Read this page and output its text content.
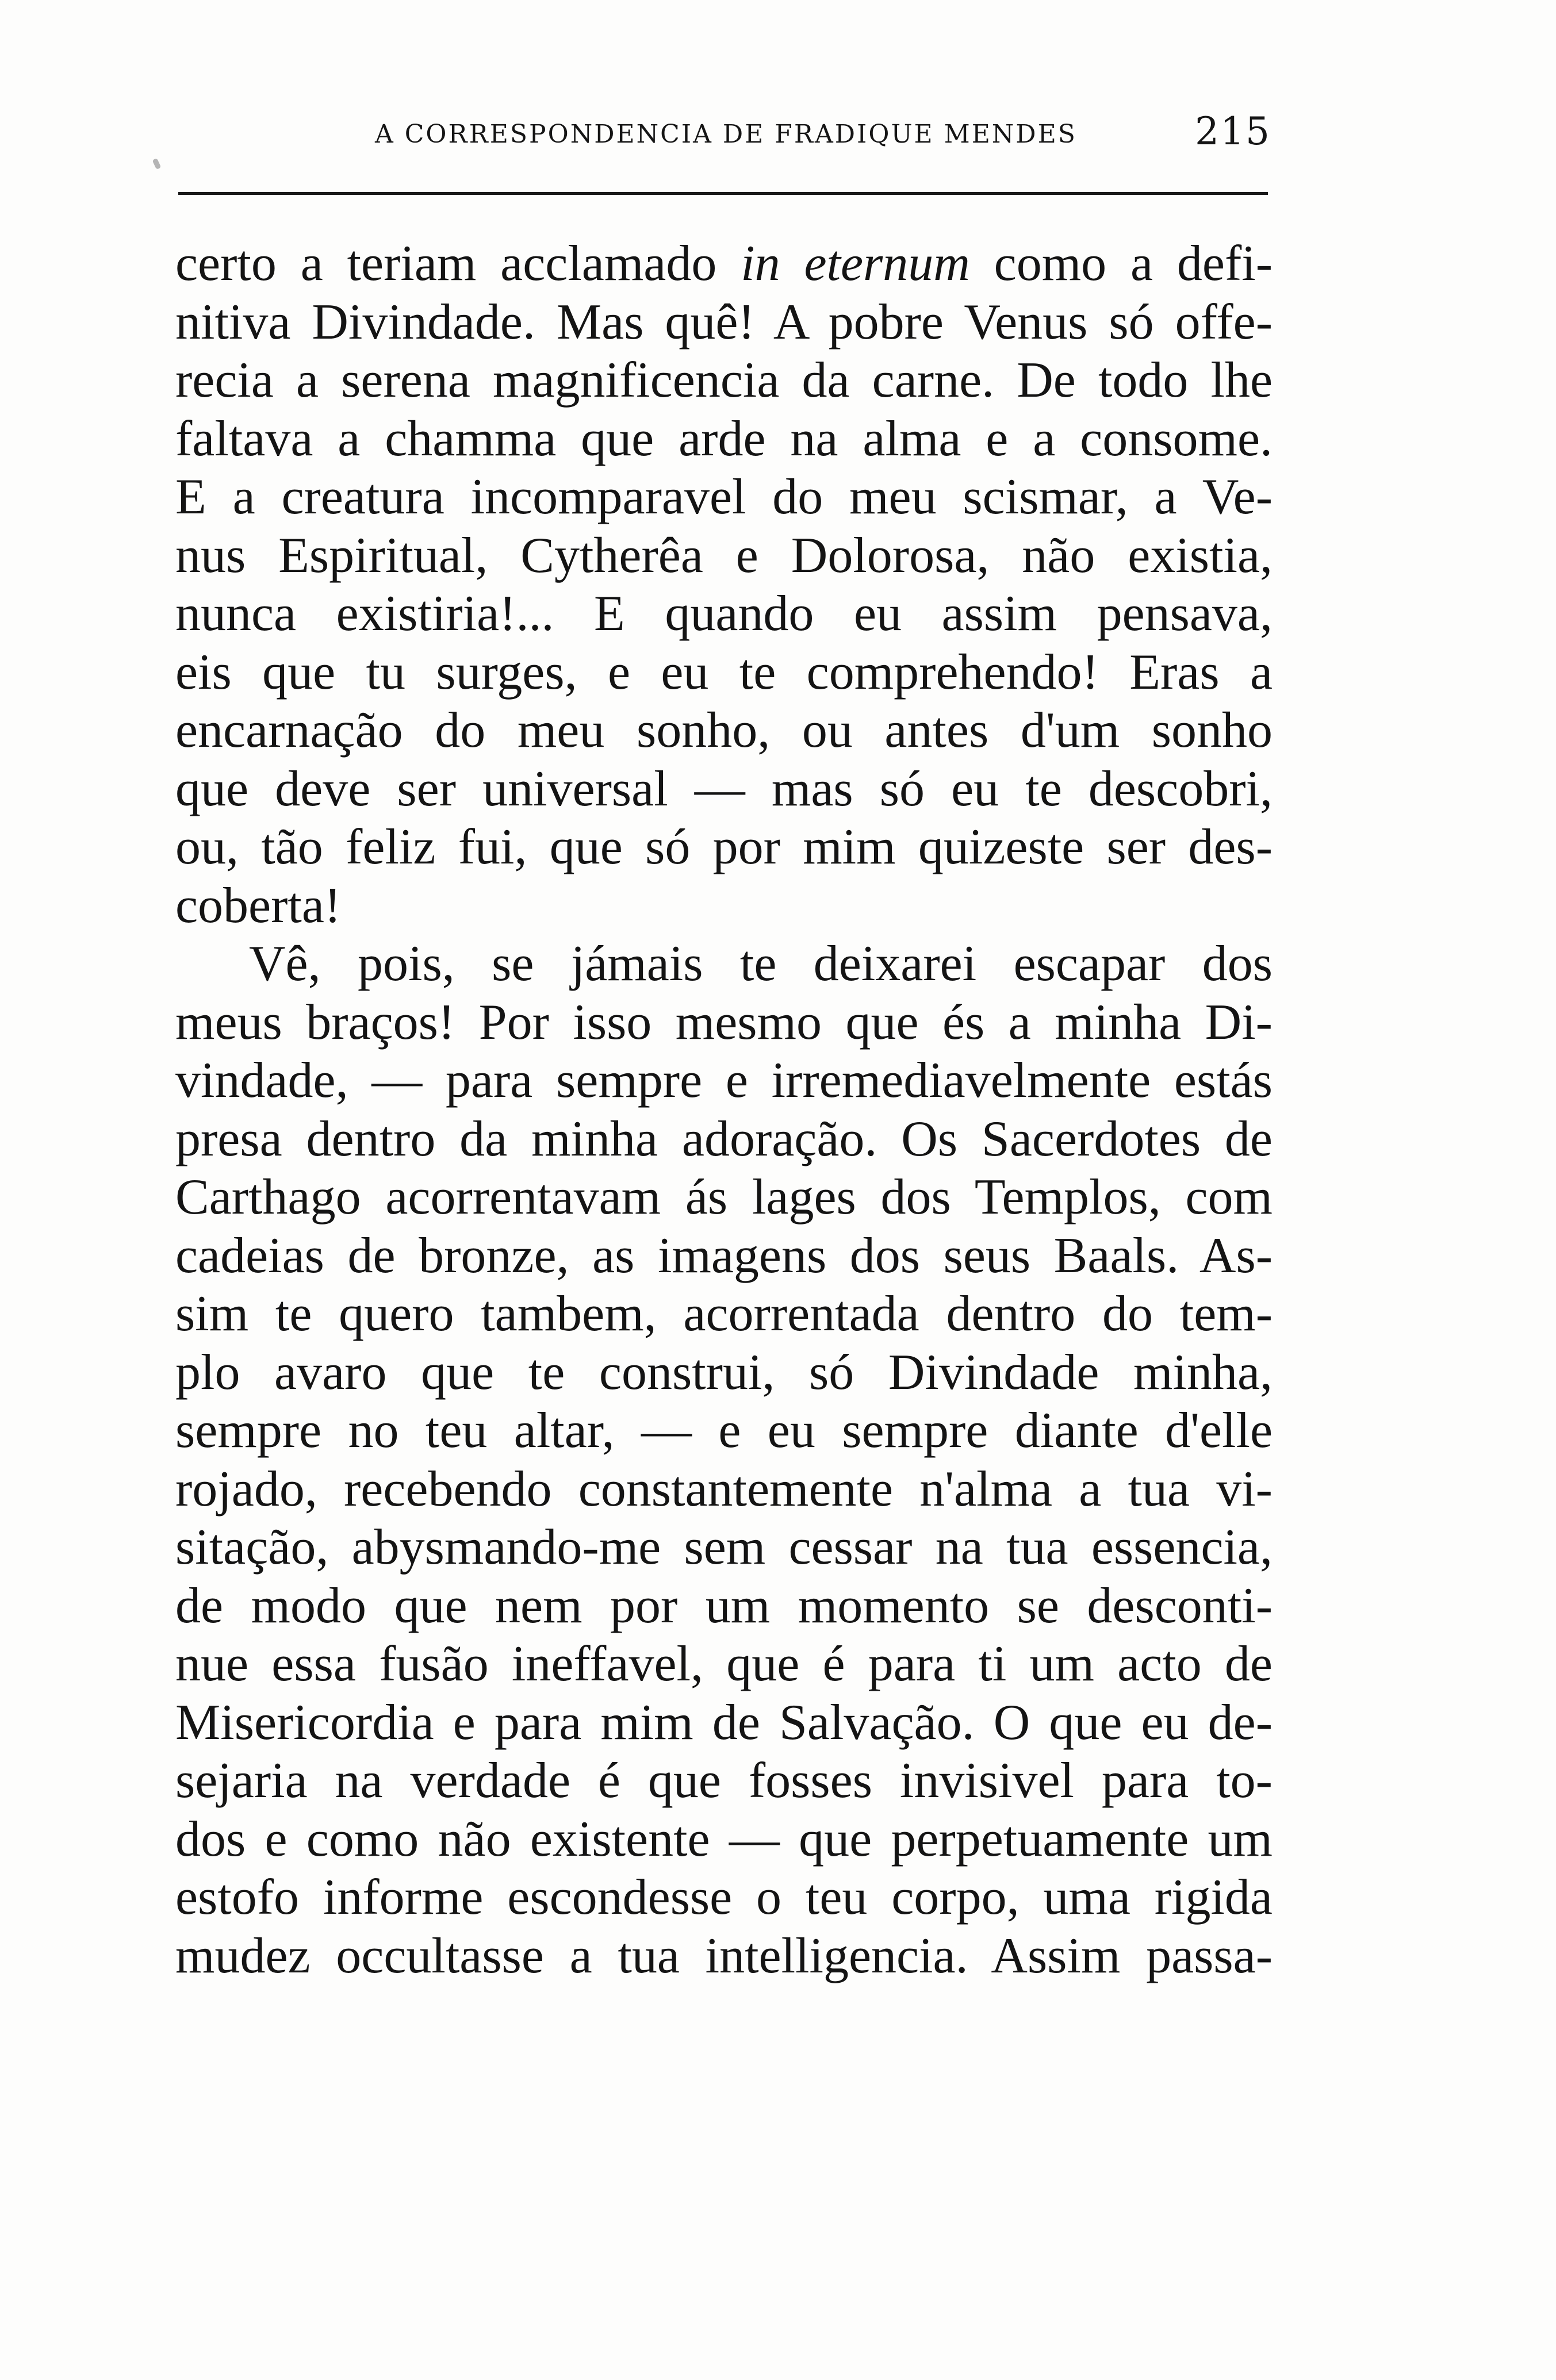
A CORRESPONDENCIA DE FRADIQUE MENDES	215
certo a teriam acclamado in eternum como a defi-
nitiva Divindade. Mas quê! A pobre Venus só offe-
recia a serena magnificencia da carne. De todo lhe
faltava a chamma que arde na alma e a consome.
E a creatura incomparavel do meu scismar, a Ve-
nus Espiritual, Cytherêa e Dolorosa, não existia,
nunca existiria!... E quando eu assim pensava,
eis que tu surges, e eu te comprehendo! Eras a
encarnação do meu sonho, ou antes d'um sonho
que deve ser universal — mas só eu te descobri,
ou, tão feliz fui, que só por mim quizeste ser des-
coberta!
Vê, pois, se jámais te deixarei escapar dos
meus braços! Por isso mesmo que és a minha Di-
vindade, — para sempre e irremediavelmente estás
presa dentro da minha adoração. Os Sacerdotes de
Carthago acorrentavam ás lages dos Templos, com
cadeias de bronze, as imagens dos seus Baals. As-
sim te quero tambem, acorrentada dentro do tem-
plo avaro que te construi, só Divindade minha,
sempre no teu altar, — e eu sempre diante d'elle
rojado, recebendo constantemente n'alma a tua vi-
sitação, abysmando-me sem cessar na tua essencia,
de modo que nem por um momento se desconti-
nue essa fusão ineffavel, que é para ti um acto de
Misericordia e para mim de Salvação. O que eu de-
sejaria na verdade é que fosses invisivel para to-
dos e como não existente — que perpetuamente um
estofo informe escondesse o teu corpo, uma rigida
mudez occultasse a tua intelligencia. Assim passa-
